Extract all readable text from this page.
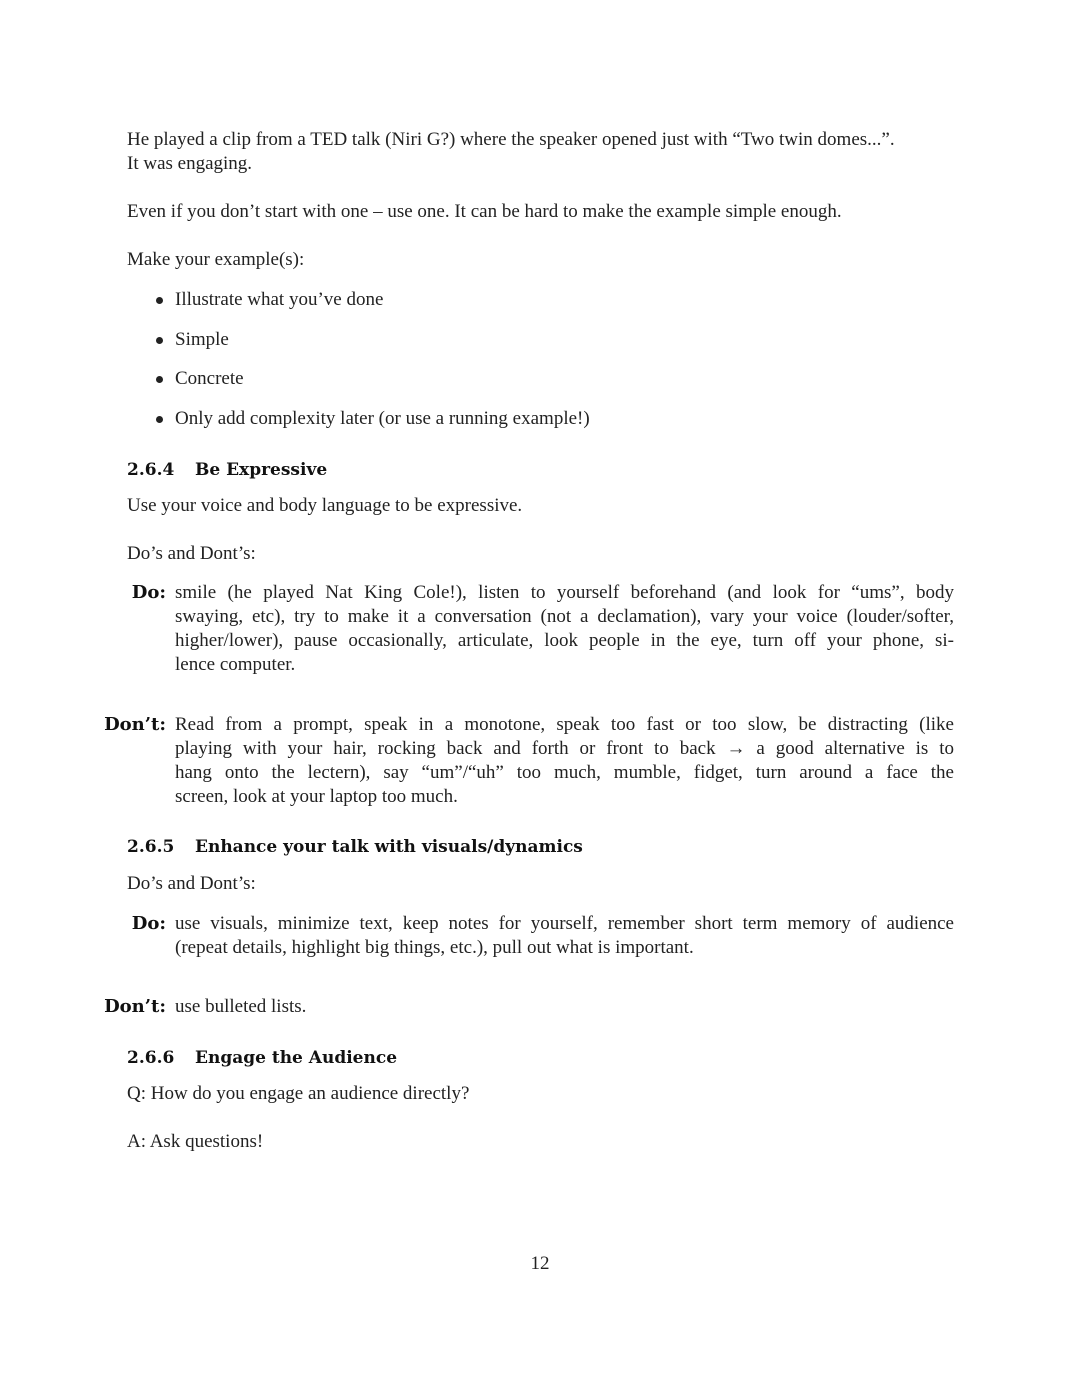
He played a clip from a TED talk (Niri G?) where the speaker opened just with “Two twin domes...”.

It was engaging.

Even if you don’t start with one – use one. It can be hard to make the example simple enough.

Make your example(s):

Illustrate what you’ve done
Simple
Concrete
Only add complexity later (or use a running example!)
2.6.4 Be Expressive

Use your voice and body language to be expressive.

Do’s and Dont’s:

Do: smile (he played Nat King Cole!), listen to yourself beforehand (and look for “ums”, body
swaying, etc), try to make it a conversation (not a declamation), vary your voice (louder/softer,
higher/lower), pause occasionally, articulate, look people in the eye, turn off your phone, si-
lence computer.
Don’t: Read from a prompt, speak in a monotone, speak too fast or too slow, be distracting (like
playing with your hair, rocking back and forth or front to back → a good alternative is to
hang onto the lectern), say “um”/“uh” too much, mumble, fidget, turn around a face the
screen, look at your laptop too much.
2.6.5 Enhance your talk with visuals/dynamics

Do’s and Dont’s:

Do: use visuals, minimize text, keep notes for yourself, remember short term memory of audience
(repeat details, highlight big things, etc.), pull out what is important.
Don’t: use bulleted lists.
2.6.6 Engage the Audience

Q: How do you engage an audience directly?

A: Ask questions!

12
